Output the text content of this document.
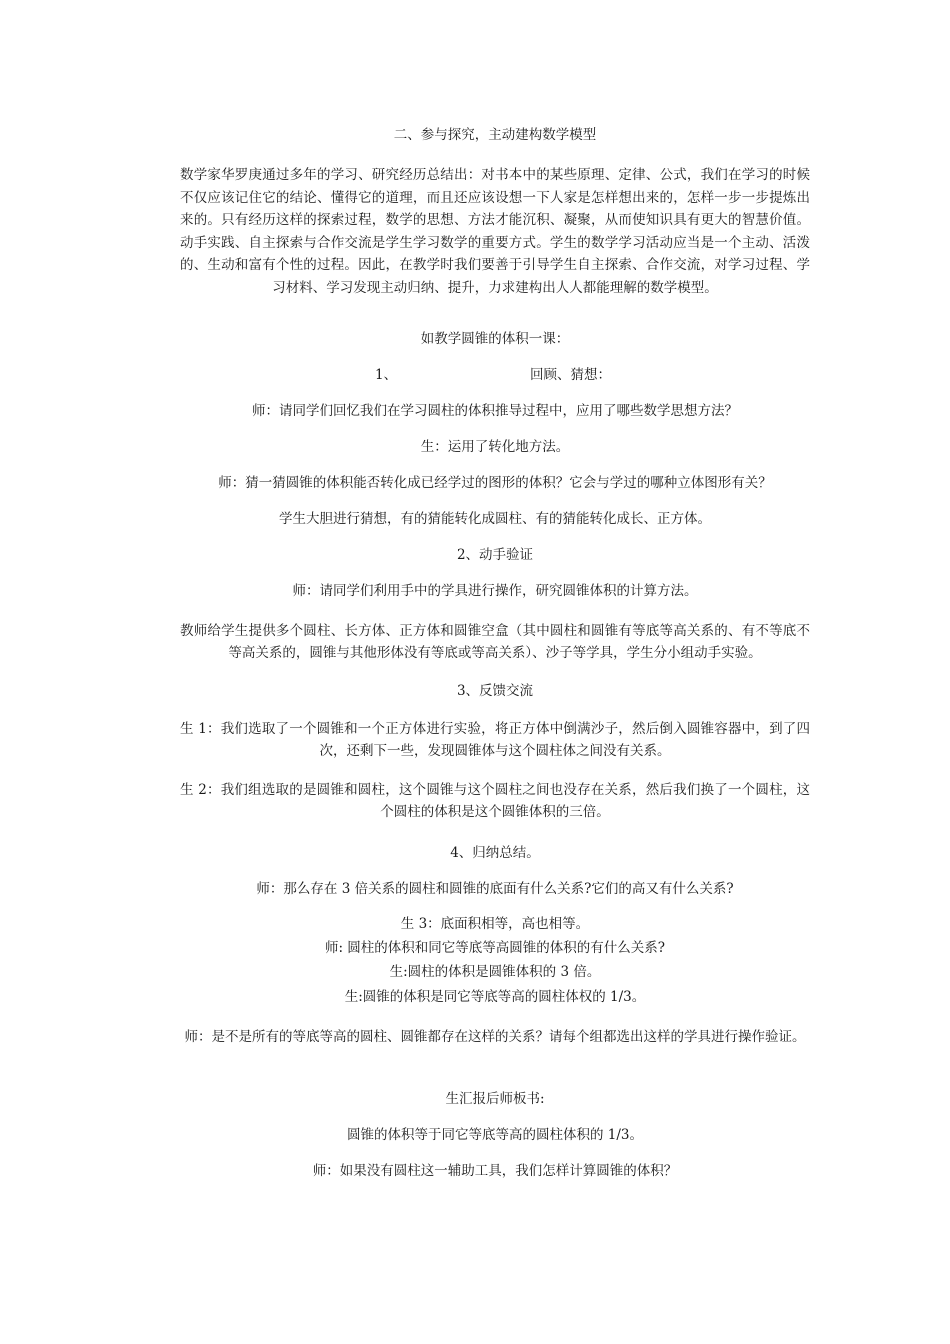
二、参与探究，主动建构数学模型

数学家华罗庚通过多年的学习、研究经历总结出：对书本中的某些原理、定律、公式，我们在学习的时候不仅应该记住它的结论、懂得它的道理，而且还应该设想一下人家是怎样想出来的，怎样一步一步提炼出来的。只有经历这样的探索过程，数学的思想、方法才能沉积、凝聚，从而使知识具有更大的智慧价值。动手实践、自主探索与合作交流是学生学习数学的重要方式。学生的数学学习活动应当是一个主动、活泼的、生动和富有个性的过程。因此，在教学时我们要善于引导学生自主探索、合作交流，对学习过程、学习材料、学习发现主动归纳、提升，力求建构出人人都能理解的数学模型。

如教学圆锥的体积一课：

1、	回顾、猜想：

师：请同学们回忆我们在学习圆柱的体积推导过程中，应用了哪些数学思想方法？

生：运用了转化地方法。

师：猜一猜圆锥的体积能否转化成已经学过的图形的体积？它会与学过的哪种立体图形有关？

学生大胆进行猜想，有的猜能转化成圆柱、有的猜能转化成长、正方体。

2、动手验证

师：请同学们利用手中的学具进行操作，研究圆锥体积的计算方法。

教师给学生提供多个圆柱、长方体、正方体和圆锥空盒（其中圆柱和圆锥有等底等高关系的、有不等底不等高关系的，圆锥与其他形体没有等底或等高关系）、沙子等学具，学生分小组动手实验。

3、反馈交流

生 1：我们选取了一个圆锥和一个正方体进行实验，将正方体中倒满沙子，然后倒入圆锥容器中，到了四次，还剩下一些，发现圆锥体与这个圆柱体之间没有关系。

生 2：我们组选取的是圆锥和圆柱，这个圆锥与这个圆柱之间也没存在关系，然后我们换了一个圆柱，这个圆柱的体积是这个圆锥体积的三倍。

4、归纳总结。

师：那么存在 3 倍关系的圆柱和圆锥的底面有什么关系?它们的高又有什么关系?

生 3：底面积相等，高也相等。

师: 圆柱的体积和同它等底等高圆锥的体积的有什么关系?

生:圆柱的体积是圆锥体积的 3 倍。

生:圆锥的体积是同它等底等高的圆柱体权的 1/3。

师：是不是所有的等底等高的圆柱、圆锥都存在这样的关系？请每个组都选出这样的学具进行操作验证。

生汇报后师板书:

圆锥的体积等于同它等底等高的圆柱体积的 1/3。

师：如果没有圆柱这一辅助工具，我们怎样计算圆锥的体积？
